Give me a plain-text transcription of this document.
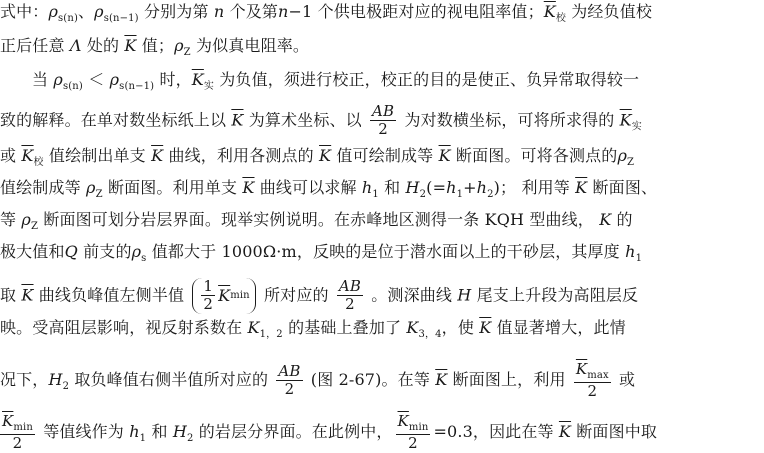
式中：$\rho_{s(n)}$、$\rho_{s(n-1)}$ 分别为第 n 个及第n−1 个供电极距对应的视电阻率值；$\overline{K}_校$ 为经负值校

正后任意 Λ 处的 $\overline{K}$ 值；$\rho_Z$ 为似真电阻率。

当 $\rho_{s(n)} < \rho_{s(n-1)}$ 时，$\overline{K}_实$ 为负值，须进行校正，校正的目的是使正、负异常取得较一

致的解释。在单对数坐标纸上以 $\overline{K}$ 为算术坐标、以 $\frac{AB}{2}$ 为对数横坐标，可将所求得的 $\overline{K}_实$

或 $\overline{K}_校$ 值绘制出单支 $\overline{K}$ 曲线，利用各测点的 $\overline{K}$ 值可绘制成等 $\overline{K}$ 断面图。可将各测点的$\rho_Z$

值绘制成等 $\rho_Z$ 断面图。利用单支 $\overline{K}$ 曲线可以求解 $h_1$ 和 $H_2(=h_1+h_2)$； 利用等 $\overline{K}$ 断面图、

等 $\rho_Z$ 断面图可划分岩层界面。现举实例说明。在赤峰地区测得一条 KQH 型曲线， K 的

极大值和Q 前支的$\rho_s$ 值都大于 1000Ω·m，反映的是位于潜水面以上的干砂层，其厚度 $h_1$

取 $\overline{K}$ 曲线负峰值左侧半值 $\frac{1}{2} \overline{K}$ min 所对应的 $\frac{AB}{2}$ 。测深曲线 H 尾支上升段为高阻层反

映。受高阻层影响，视反射系数在 $K_{1,2}$ 的基础上叠加了 $K_{3,4}$，使 $\overline{K}$ 值显著增大，此情

况下，$H_2$ 取负峰值右侧半值所对应的 $\frac{AB}{2}$ (图 2-67)。在等 $\overline{K}$ 断面图上，利用 $\frac{\overline{K}_{max}}{2}$ 或

$\frac{\overline{K}_{min}}{2}$ 等值线作为 $h_1$ 和 $H_2$ 的岩层分界面。在此例中， $\frac{\overline{K}_{min}}{2} =0.3$，因此在等 $\overline{K}$ 断面图中取
